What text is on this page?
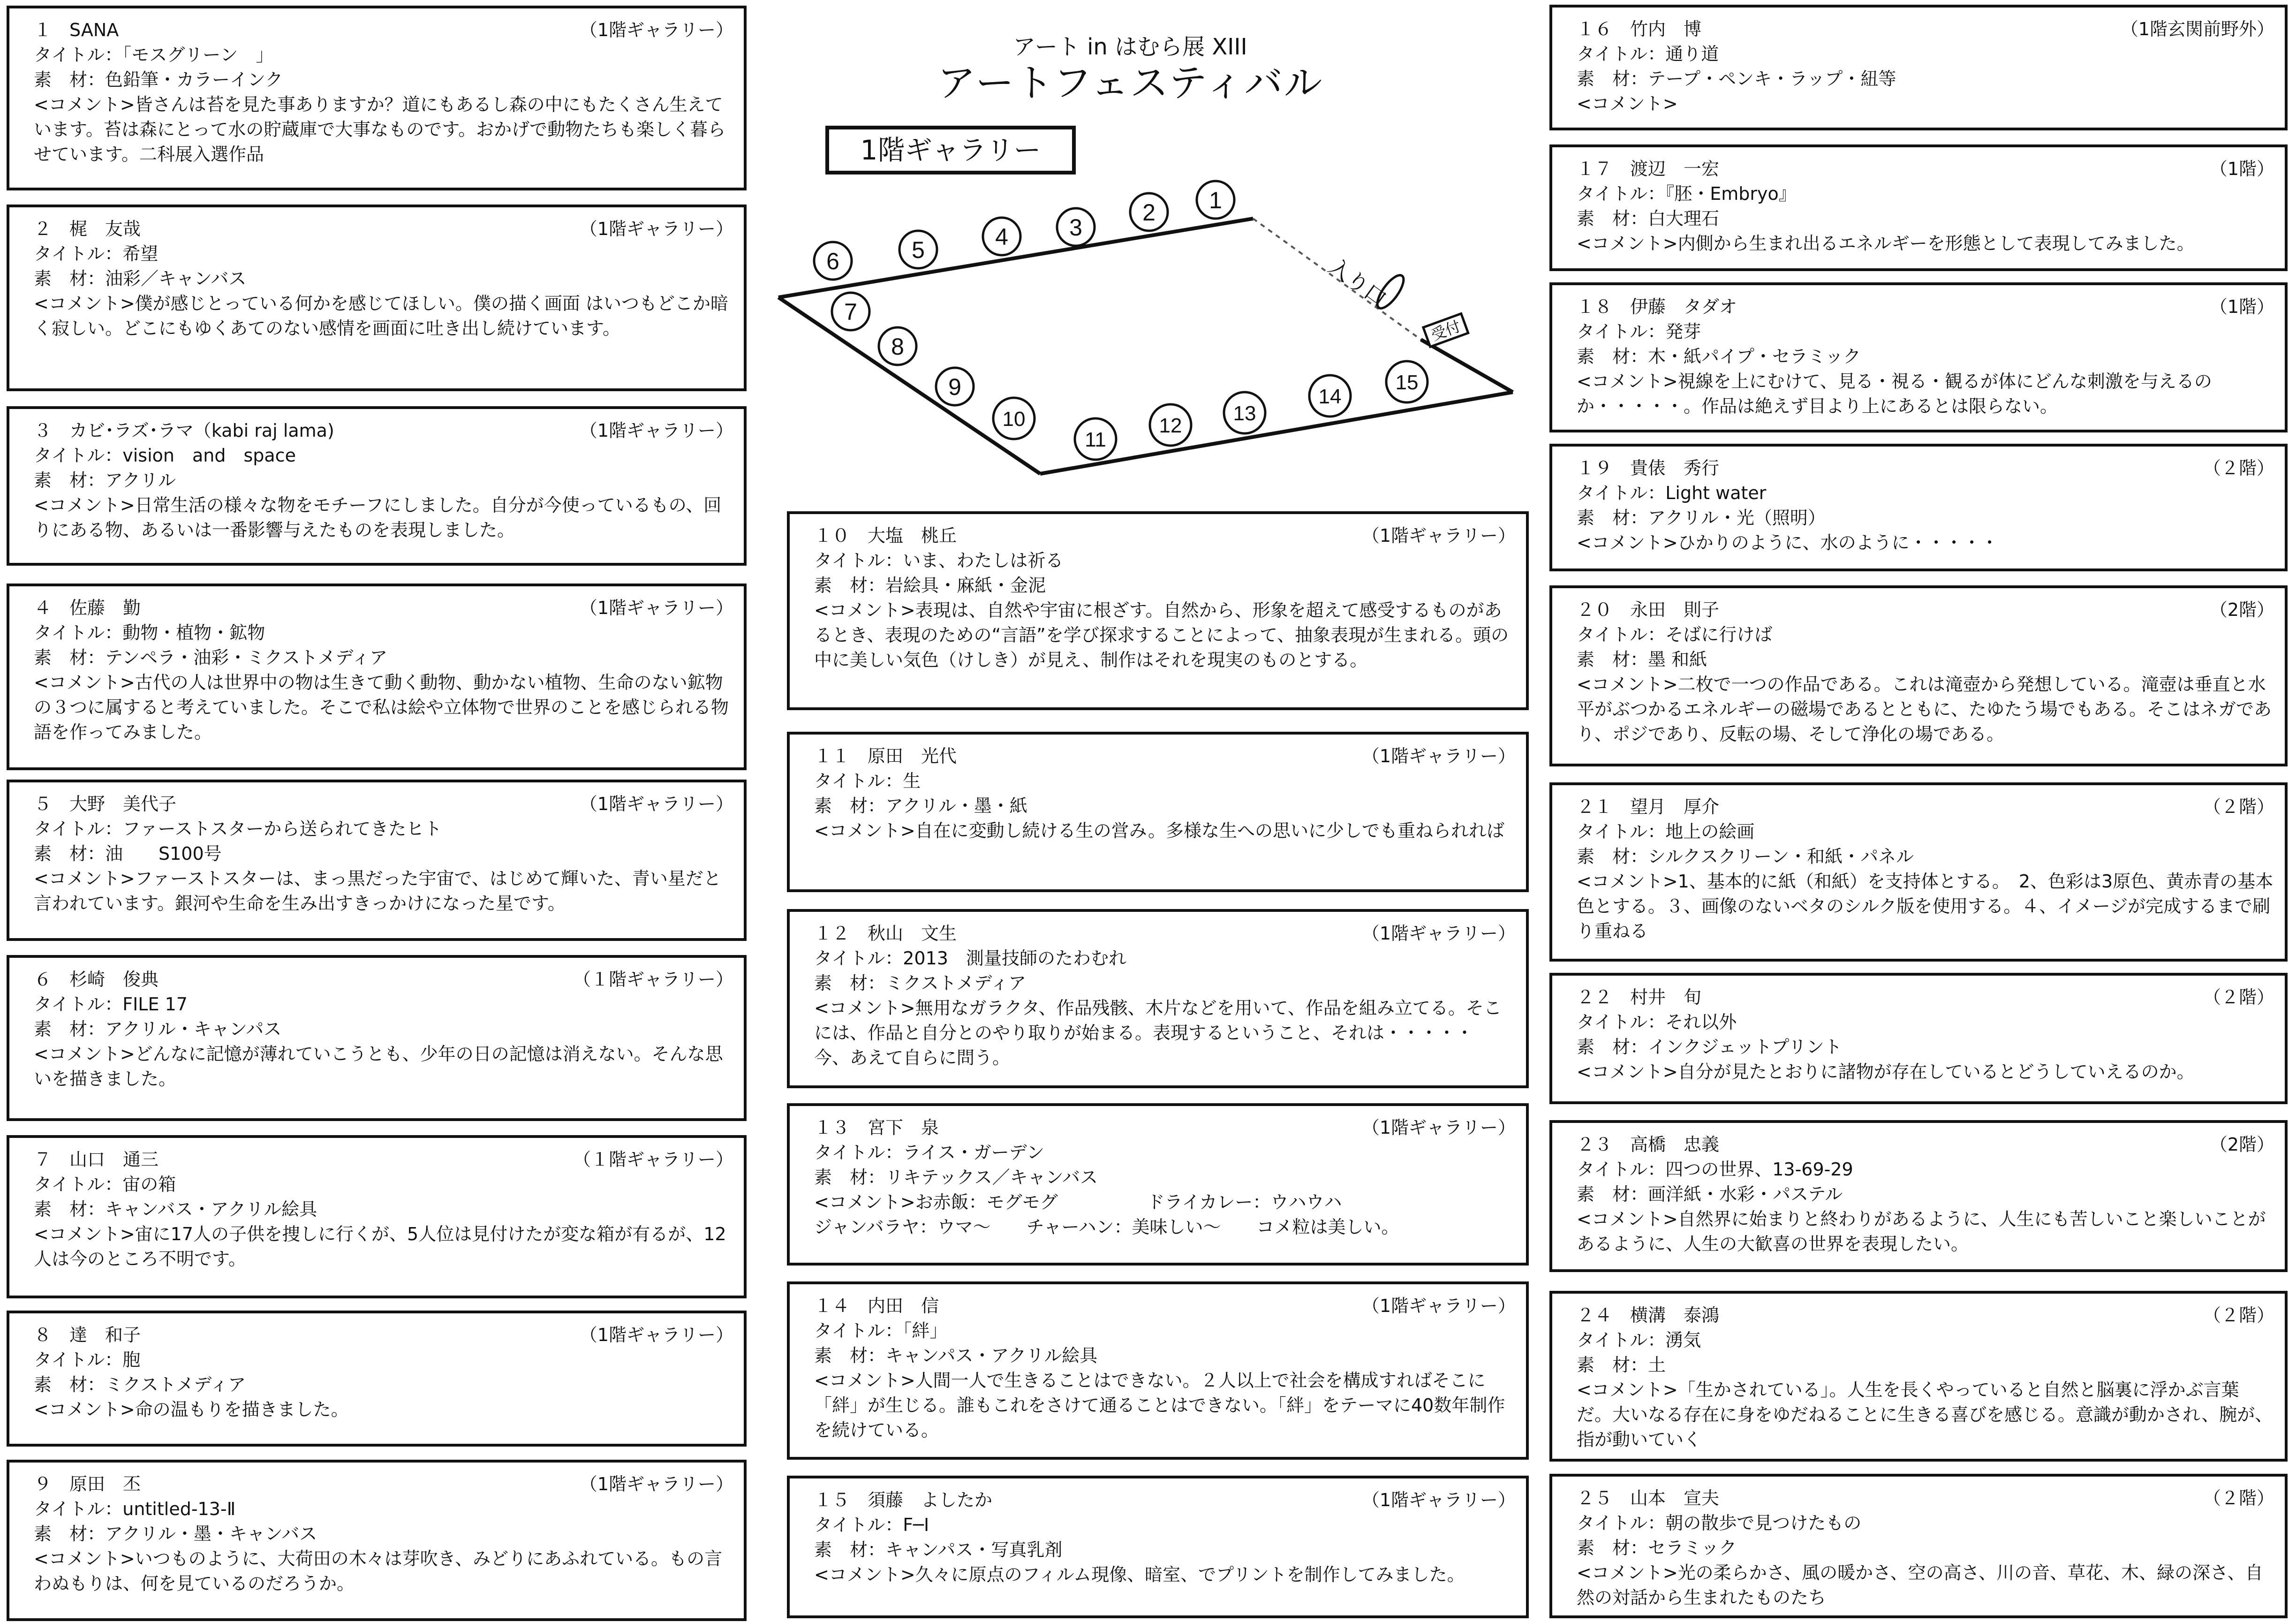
アート in はむら展 XIII
アートフェスティバル
1階ギャラリー
入り口
受付
1
2
3
4
5
6
7
8
9
10
11
12
13
14
15
１　 SANA	（1階ギャラリー）
タイトル：「モスグリーン　」
素　材：色鉛筆・カラーインク
<コメント>皆さんは苔を見た事ありますか？道にもあるし森の中にもたくさん生えています。苔は森にとって水の貯蔵庫で大事なものです。おかげで動物たちも楽しく暮らせています。二科展入選作品
２　 梶　友哉	（1階ギャラリー）
タイトル：希望
素　材：油彩／キャンバス
<コメント>僕が感じとっている何かを感じてほしい。僕の描く画面 はいつもどこか暗く寂しい。どこにもゆくあてのない感情を画面に吐き出し続けています。
３　 カビ･ラズ･ラマ（kabi raj lama)	（1階ギャラリー）
タイトル：vision　and　space
素　材：アクリル
<コメント>日常生活の様々な物をモチーフにしました。自分が今使っているもの、回りにある物、あるいは一番影響与えたものを表現しました。
４　 佐藤　勤	（1階ギャラリー）
タイトル：動物・植物・鉱物
素　材：テンペラ・油彩・ミクストメディア
<コメント>古代の人は世界中の物は生きて動く動物、動かない植物、生命のない鉱物の３つに属すると考えていました。そこで私は絵や立体物で世界のことを感じられる物語を作ってみました。
５　 大野　美代子	（1階ギャラリー）
タイトル：ファーストスターから送られてきたヒト
素　材：油　　S100号
<コメント>ファーストスターは、まっ黒だった宇宙で、はじめて輝いた、青い星だと言われています。銀河や生命を生み出すきっかけになった星です。
６　 杉崎　俊典	（１階ギャラリー）
タイトル：FILE 17
素　材：アクリル・キャンパス
<コメント>どんなに記憶が薄れていこうとも、少年の日の記憶は消えない。そんな思いを描きました。
７　 山口　通三	（１階ギャラリー）
タイトル：宙の箱
素　材：キャンバス・アクリル絵具
<コメント>宙に17人の子供を捜しに行くが、5人位は見付けたが変な箱が有るが、12人は今のところ不明です。
８　 達　和子	（1階ギャラリー）
タイトル：胞
素　材：ミクストメディア
<コメント>命の温もりを描きました。
９　 原田　丕	（1階ギャラリー）
タイトル：untitled-13-Ⅱ
素　材：アクリル・墨・キャンバス
<コメント>いつものように、大荷田の木々は芽吹き、みどりにあふれている。もの言わぬもりは、何を見ているのだろうか。
１０　 大塩　桃丘	（1階ギャラリー）
タイトル：いま、わたしは祈る
素　材：岩絵具・麻紙・金泥
<コメント>表現は、自然や宇宙に根ざす。自然から、形象を超えて感受するものがあるとき、表現のための“言語”を学び探求することによって、抽象表現が生まれる。頭の中に美しい気色（けしき）が見え、制作はそれを現実のものとする。
１１　 原田　光代	（1階ギャラリー）
タイトル：生
素　材：アクリル・墨・紙
<コメント>自在に変動し続ける生の営み。多様な生への思いに少しでも重ねられれば
１２　 秋山　文生	（1階ギャラリー）
タイトル：2013　測量技師のたわむれ
素　材：ミクストメディア
<コメント>無用なガラクタ、作品残骸、木片などを用いて、作品を組み立てる。そこには、作品と自分とのやり取りが始まる。表現するということ、それは・・・・・　今、あえて自らに問う。
１３　 宮下　泉	（1階ギャラリー）
タイトル：ライス・ガーデン
素　材：リキテックス／キャンバス
<コメント>お赤飯：モグモグ　　　　　ドライカレー：ウハウハ
ジャンバラヤ：ウマ～　　チャーハン：美味しい～　　コメ粒は美しい。
１４　 内田　信	（1階ギャラリー）
タイトル：「絆」
素　材：キャンパス・アクリル絵具
<コメント>人間一人で生きることはできない。２人以上で社会を構成すればそこに「絆」が生じる。誰もこれをさけて通ることはできない。「絆」をテーマに40数年制作を続けている。
１５　 須藤　よしたか	（1階ギャラリー）
タイトル：F─I
素　材：キャンパス・写真乳剤
<コメント>久々に原点のフィルム現像、暗室、でプリントを制作してみました。
１６　 竹内　博	（1階玄関前野外）
タイトル：通り道
素　材：テープ・ペンキ・ラップ・紐等
<コメント>
１７　 渡辺　一宏	（1階）
タイトル：『胚・Embryo』
素　材：白大理石
<コメント>内側から生まれ出るエネルギーを形態として表現してみました。
１８　 伊藤　タダオ	（1階）
タイトル：発芽
素　材：木・紙パイプ・セラミック
<コメント>視線を上にむけて、見る・視る・観るが体にどんな刺激を与えるのか・・・・・。作品は絶えず目より上にあるとは限らない。
１９　 貴俵　秀行	（２階）
タイトル：Light water
素　材：アクリル・光（照明）
<コメント>ひかりのように、水のように・・・・・
２０　 永田　則子	（2階）
タイトル：そばに行けば
素　材：墨 和紙
<コメント>二枚で一つの作品である。これは滝壺から発想している。滝壺は垂直と水平がぶつかるエネルギーの磁場であるとともに、たゆたう場でもある。そこはネガであり、ポジであり、反転の場、そして浄化の場である。
２１　 望月　厚介	（２階）
タイトル：地上の絵画
素　材：シルクスクリーン・和紙・パネル
<コメント>1、基本的に紙（和紙）を支持体とする。　2、色彩は3原色、黄赤青の基本色とする。３、画像のないベタのシルク版を使用する。４、イメージが完成するまで刷り重ねる
２２　 村井　旬	（２階）
タイトル：それ以外
素　材：インクジェットプリント
<コメント>自分が見たとおりに諸物が存在しているとどうしていえるのか。
２３　 高橋　忠義	（2階）
タイトル：四つの世界、13-69-29
素　材：画洋紙・水彩・パステル
<コメント>自然界に始まりと終わりがあるように、人生にも苦しいこと楽しいことがあるように、人生の大歓喜の世界を表現したい。
２４　 横溝　泰鴻	（２階）
タイトル：湧気
素　材：土
<コメント>「生かされている」。人生を長くやっていると自然と脳裏に浮かぶ言葉だ。大いなる存在に身をゆだねることに生きる喜びを感じる。意識が動かされ、腕が、指が動いていく
２５　 山本　宣夫	（２階）
タイトル：朝の散歩で見つけたもの
素　材：セラミック
<コメント>光の柔らかさ、風の暖かさ、空の高さ、川の音、草花、木、緑の深さ、自然の対話から生まれたものたち
